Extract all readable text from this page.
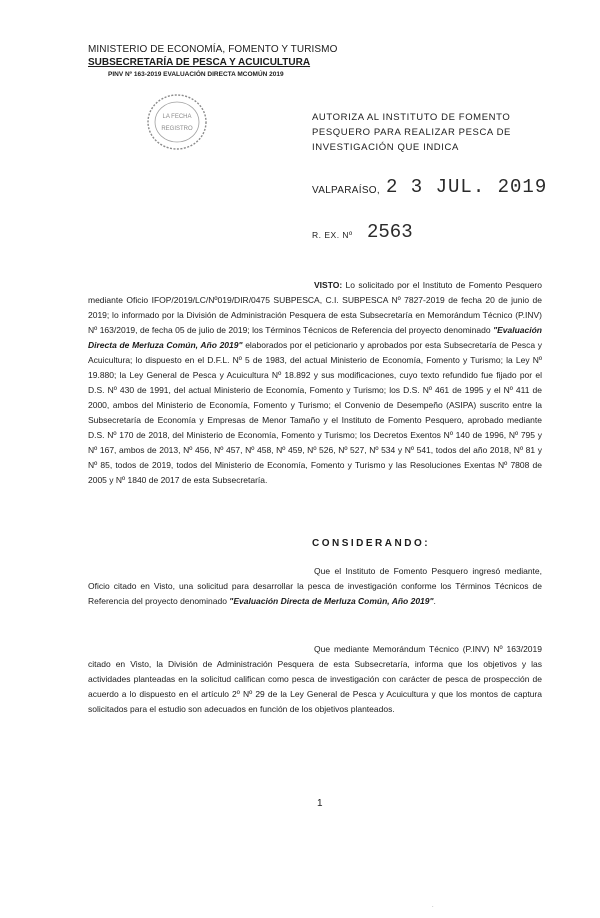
MINISTERIO DE ECONOMÍA, FOMENTO Y TURISMO
SUBSECRETARÍA DE PESCA Y ACUICULTURA
PINV Nº 163-2019 EVALUACIÓN DIRECTA MCOMÚN 2019
LA FECHA
REGISTRO
AUTORIZA AL INSTITUTO DE FOMENTO PESQUERO PARA REALIZAR PESCA DE INVESTIGACIÓN QUE INDICA
VALPARAÍSO, 2 3 JUL. 2019
R. EX. Nº 2563

VISTO: Lo solicitado por el Instituto de Fomento Pesquero mediante Oficio IFOP/2019/LC/Nº019/DIR/0475 SUBPESCA, C.I. SUBPESCA Nº 7827-2019 de fecha 20 de junio de 2019; lo informado por la División de Administración Pesquera de esta Subsecretaría en Memorándum Técnico (P.INV) Nº 163/2019, de fecha 05 de julio de 2019; los Términos Técnicos de Referencia del proyecto denominado "Evaluación Directa de Merluza Común, Año 2019" elaborados por el peticionario y aprobados por esta Subsecretaría de Pesca y Acuicultura; lo dispuesto en el D.F.L. Nº 5 de 1983, del actual Ministerio de Economía, Fomento y Turismo; la Ley Nº 19.880; la Ley General de Pesca y Acuicultura Nº 18.892 y sus modificaciones, cuyo texto refundido fue fijado por el D.S. Nº 430 de 1991, del actual Ministerio de Economía, Fomento y Turismo; los D.S. Nº 461 de 1995 y el Nº 411 de 2000, ambos del Ministerio de Economía, Fomento y Turismo; el Convenio de Desempeño (ASIPA) suscrito entre la Subsecretaría de Economía y Empresas de Menor Tamaño y el Instituto de Fomento Pesquero, aprobado mediante D.S. Nº 170 de 2018, del Ministerio de Economía, Fomento y Turismo; los Decretos Exentos Nº 140 de 1996, Nº 795 y Nº 167, ambos de 2013, Nº 456, Nº 457, Nº 458, Nº 459, Nº 526, Nº 527, Nº 534 y Nº 541, todos del año 2018, Nº 81 y Nº 85, todos de 2019, todos del Ministerio de Economía, Fomento y Turismo y las Resoluciones Exentas Nº 7808 de 2005 y Nº 1840 de 2017 de esta Subsecretaría.

CONSIDERANDO:

Que el Instituto de Fomento Pesquero ingresó mediante, Oficio citado en Visto, una solicitud para desarrollar la pesca de investigación conforme los Términos Técnicos de Referencia del proyecto denominado "Evaluación Directa de Merluza Común, Año 2019".

Que mediante Memorándum Técnico (P.INV) Nº 163/2019 citado en Visto, la División de Administración Pesquera de esta Subsecretaría, informa que los objetivos y las actividades planteadas en la solicitud califican como pesca de investigación con carácter de pesca de prospección de acuerdo a lo dispuesto en el artículo 2º Nº 29 de la Ley General de Pesca y Acuicultura y que los montos de captura solicitados para el estudio son adecuados en función de los objetivos planteados.

1
·
